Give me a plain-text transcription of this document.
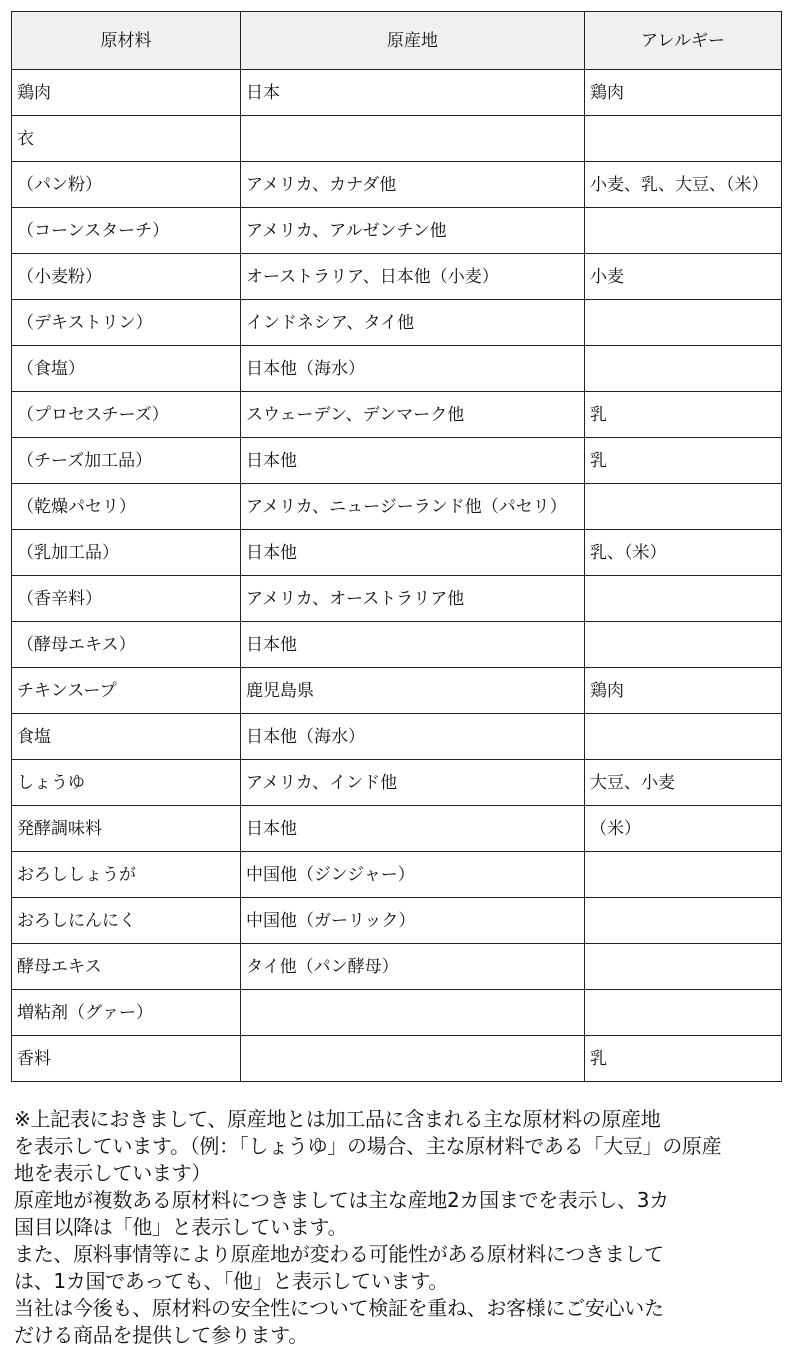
原材料	原産地	アレルギー
鶏肉	日本	鶏肉
衣		
（パン粉）	アメリカ、カナダ他	小麦、乳、大豆、（米）
（コーンスターチ）	アメリカ、アルゼンチン他	
（小麦粉）	オーストラリア、日本他（小麦）	小麦
（デキストリン）	インドネシア、タイ他	
（食塩）	日本他（海水）	
（プロセスチーズ）	スウェーデン、デンマーク他	乳
（チーズ加工品）	日本他	乳
（乾燥パセリ）	アメリカ、ニュージーランド他（パセリ）	
（乳加工品）	日本他	乳、（米）
（香辛料）	アメリカ、オーストラリア他	
（酵母エキス）	日本他	
チキンスープ	鹿児島県	鶏肉
食塩	日本他（海水）	
しょうゆ	アメリカ、インド他	大豆、小麦
発酵調味料	日本他	（米）
おろししょうが	中国他（ジンジャー）	
おろしにんにく	中国他（ガーリック）	
酵母エキス	タイ他（パン酵母）	
増粘剤（グァー）		
香料		乳

※上記表におきまして、原産地とは加工品に含まれる主な原材料の原産地

を表示しています。（例：「しょうゆ」の場合、主な原材料である「大豆」の原産

地を表示しています）

原産地が複数ある原材料につきましては主な産地2カ国までを表示し、3カ

国目以降は「他」と表示しています。

また、原料事情等により原産地が変わる可能性がある原材料につきまして

は、1カ国であっても、「他」と表示しています。

当社は今後も、原材料の安全性について検証を重ね、お客様にご安心いた

だける商品を提供して参ります。
